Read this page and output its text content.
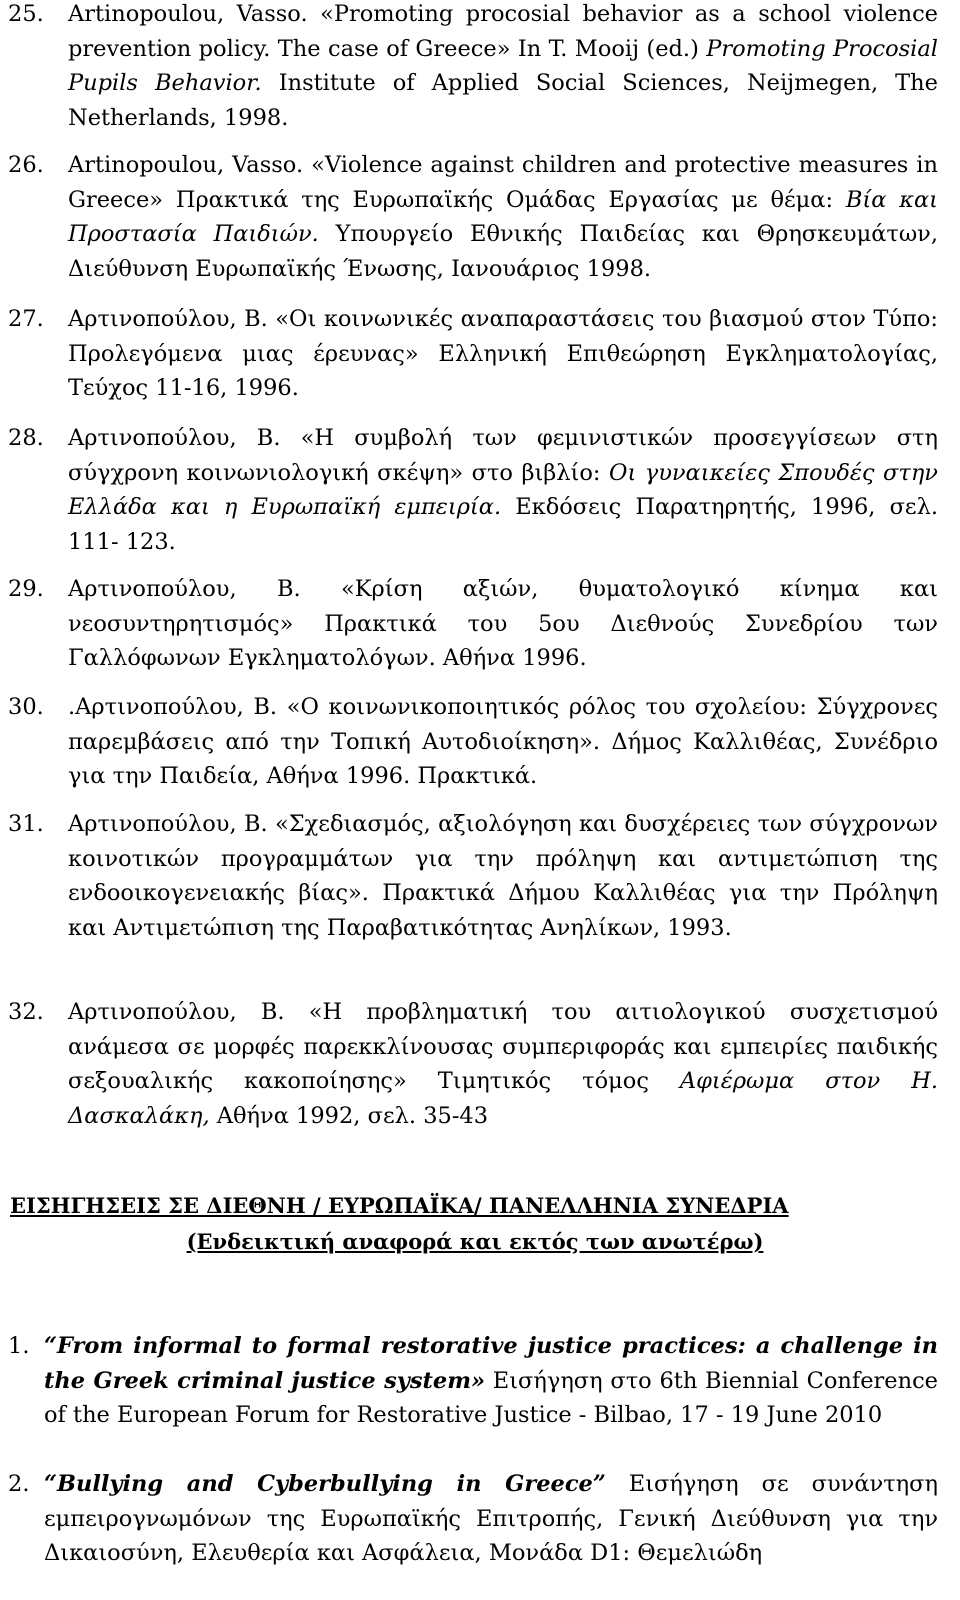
25. Artinopoulou, Vasso. «Promoting procosial behavior as a school violence prevention policy. The case of Greece» In T. Mooij (ed.) Promoting Procosial Pupils Behavior. Institute of Applied Social Sciences, Neijmegen, The Netherlands, 1998.
26. Artinopoulou, Vasso. «Violence against children and protective measures in Greece» Πρακτικά της Ευρωπαϊκής Ομάδας Εργασίας με θέμα: Βία και Προστασία Παιδιών. Υπουργείο Εθνικής Παιδείας και Θρησκευμάτων, Διεύθυνση Ευρωπαϊκής Ένωσης, Ιανουάριος 1998.
27. Αρτινοπούλου, Β. «Οι κοινωνικές αναπαραστάσεις του βιασμού στον Τύπο: Προλεγόμενα μιας έρευνας» Ελληνική Επιθεώρηση Εγκληματολογίας, Τεύχος 11-16, 1996.
28. Αρτινοπούλου, Β. «Η συμβολή των φεμινιστικών προσεγγίσεων στη σύγχρονη κοινωνιολογική σκέψη» στο βιβλίο: Οι γυναικείες Σπουδές στην Ελλάδα και η Ευρωπαϊκή εμπειρία. Εκδόσεις Παρατηρητής, 1996, σελ. 111- 123.
29. Αρτινοπούλου, Β. «Κρίση αξιών, θυματολογικό κίνημα και νεοσυντηρητισμός» Πρακτικά του 5ου Διεθνούς Συνεδρίου των Γαλλόφωνων Εγκληματολόγων. Αθήνα 1996.
30. .Αρτινοπούλου, Β. «Ο κοινωνικοποιητικός ρόλος του σχολείου: Σύγχρονες παρεμβάσεις από την Τοπική Αυτοδιοίκηση». Δήμος Καλλιθέας, Συνέδριο για την Παιδεία, Αθήνα 1996. Πρακτικά.
31. Αρτινοπούλου, Β. «Σχεδιασμός, αξιολόγηση και δυσχέρειες των σύγχρονων κοινοτικών προγραμμάτων για την πρόληψη και αντιμετώπιση της ενδοοικογενειακής βίας». Πρακτικά Δήμου Καλλιθέας για την Πρόληψη και Αντιμετώπιση της Παραβατικότητας Ανηλίκων, 1993.
32. Αρτινοπούλου, Β. «Η προβληματική του αιτιολογικού συσχετισμού ανάμεσα σε μορφές παρεκκλίνουσας συμπεριφοράς και εμπειρίες παιδικής σεξουαλικής κακοποίησης» Τιμητικός τόμος Αφιέρωμα στον Η. Δασκαλάκη, Αθήνα 1992, σελ. 35-43
ΕΙΣΗΓΗΣΕΙΣ ΣΕ ΔΙΕΘΝΗ / ΕΥΡΩΠΑΪΚΑ/ ΠΑΝΕΛΛΗΝΙΑ ΣΥΝΕΔΡΙΑ
(Ενδεικτική αναφορά και εκτός των ανωτέρω)
1. “From informal to formal restorative justice practices: a challenge in the Greek criminal justice system» Εισήγηση στο 6th Biennial Conference of the European Forum for Restorative Justice - Bilbao, 17 - 19 June 2010
2. “Bullying and Cyberbullying in Greece” Εισήγηση σε συνάντηση εμπειρογνωμόνων της Ευρωπαϊκής Επιτροπής, Γενική Διεύθυνση για την Δικαιοσύνη, Ελευθερία και Ασφάλεια, Μονάδα D1: Θεμελιώδη
